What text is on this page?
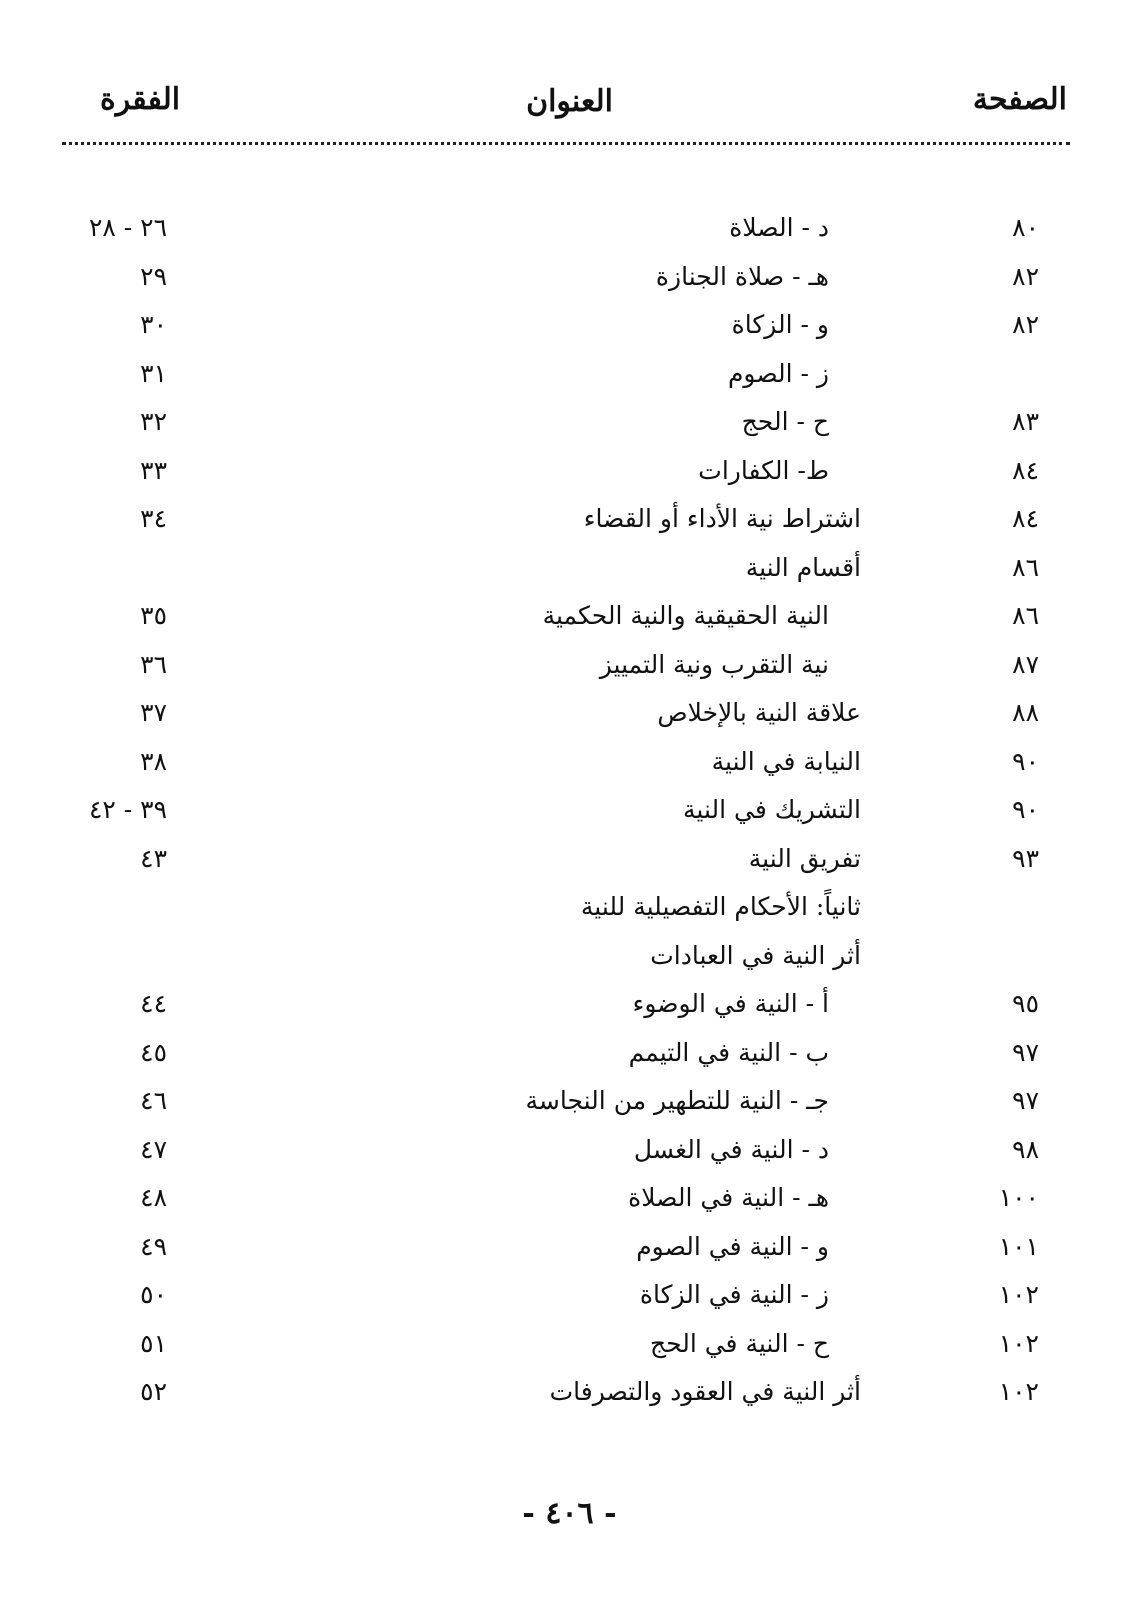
الصفحة
العنوان
الفقرة
٨٠
د - الصلاة
٢٦ - ٢٨
٨٢
هـ - صلاة الجنازة
٢٩
٨٢
و - الزكاة
٣٠
ز - الصوم
٣١
٨٣
ح - الحج
٣٢
٨٤
ط- الكفارات
٣٣
٨٤
اشتراط نية الأداء أو القضاء
٣٤
٨٦
أقسام النية
٨٦
النية الحقيقية والنية الحكمية
٣٥
٨٧
نية التقرب ونية التمييز
٣٦
٨٨
علاقة النية بالإخلاص
٣٧
٩٠
النيابة في النية
٣٨
٩٠
التشريك في النية
٣٩ - ٤٢
٩٣
تفريق النية
٤٣
ثانياً: الأحكام التفصيلية للنية
أثر النية في العبادات
٩٥
أ - النية في الوضوء
٤٤
٩٧
ب - النية في التيمم
٤٥
٩٧
جـ - النية للتطهير من النجاسة
٤٦
٩٨
د - النية في الغسل
٤٧
١٠٠
هـ - النية في الصلاة
٤٨
١٠١
و - النية في الصوم
٤٩
١٠٢
ز - النية في الزكاة
٥٠
١٠٢
ح - النية في الحج
٥١
١٠٢
أثر النية في العقود والتصرفات
٥٢
- ٤٠٦ -
